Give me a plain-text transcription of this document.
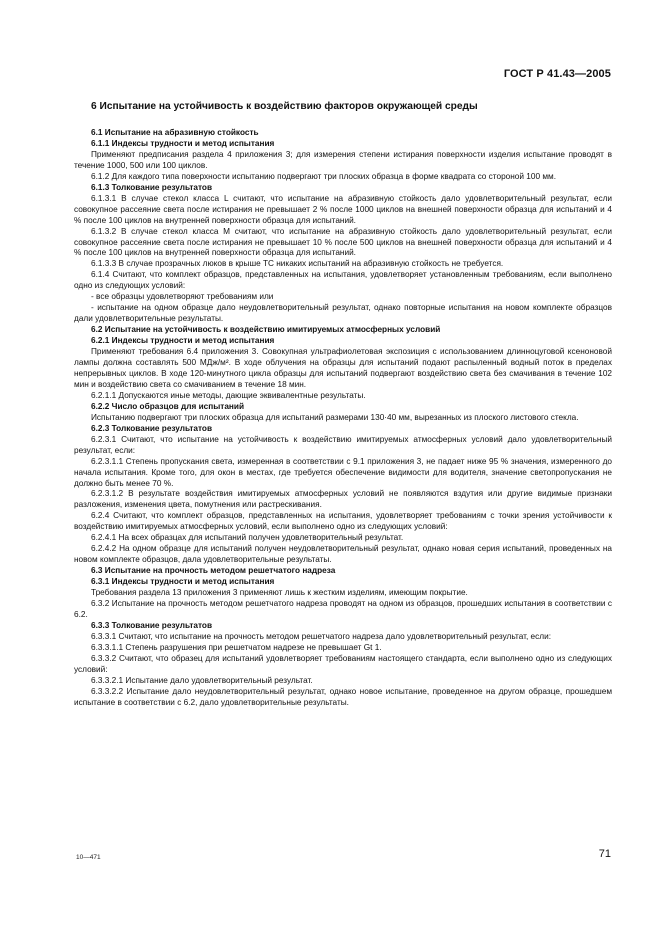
ГОСТ Р 41.43—2005
6 Испытание на устойчивость к воздействию факторов окружающей среды

6.1 Испытание на абразивную стойкость

6.1.1 Индексы трудности и метод испытания

Применяют предписания раздела 4 приложения 3; для измерения степени истирания поверхности изделия испытание проводят в течение 1000, 500 или 100 циклов.

6.1.2 Для каждого типа поверхности испытанию подвергают три плоских образца в форме квадрата со стороной 100 мм.

6.1.3 Толкование результатов

6.1.3.1 В случае стекол класса L считают, что испытание на абразивную стойкость дало удовлетворительный результат, если совокупное рассеяние света после истирания не превышает 2 % после 1000 циклов на внешней поверхности образца для испытаний и 4 % после 100 циклов на внутренней поверхности образца для испытаний.

6.1.3.2 В случае стекол класса M считают, что испытание на абразивную стойкость дало удовлетворительный результат, если совокупное рассеяние света после истирания не превышает 10 % после 500 циклов на внешней поверхности образца для испытаний и 4 % после 100 циклов на внутренней поверхности образца для испытаний.

6.1.3.3 В случае прозрачных люков в крыше ТС никаких испытаний на абразивную стойкость не требуется.

6.1.4 Считают, что комплект образцов, представленных на испытания, удовлетворяет установленным требованиям, если выполнено одно из следующих условий:

- все образцы удовлетворяют требованиям или

- испытание на одном образце дало неудовлетворительный результат, однако повторные испытания на новом комплекте образцов дали удовлетворительные результаты.

6.2 Испытание на устойчивость к воздействию имитируемых атмосферных условий

6.2.1 Индексы трудности и метод испытания

Применяют требования 6.4 приложения 3. Совокупная ультрафиолетовая экспозиция с использованием длинноцуговой ксеноновой лампы должна составлять 500 МДж/м². В ходе облучения на образцы для испытаний подают распыленный водный поток в пределах непрерывных циклов. В ходе 120-минутного цикла образцы для испытаний подвергают воздействию света без смачивания в течение 102 мин и воздействию света со смачиванием в течение 18 мин.

6.2.1.1 Допускаются иные методы, дающие эквивалентные результаты.

6.2.2 Число образцов для испытаний

Испытанию подвергают три плоских образца для испытаний размерами 130·40 мм, вырезанных из плоского листового стекла.

6.2.3 Толкование результатов

6.2.3.1 Считают, что испытание на устойчивость к воздействию имитируемых атмосферных условий дало удовлетворительный результат, если:

6.2.3.1.1 Степень пропускания света, измеренная в соответствии с 9.1 приложения 3, не падает ниже 95 % значения, измеренного до начала испытания. Кроме того, для окон в местах, где требуется обеспечение видимости для водителя, значение светопропускания не должно быть менее 70 %.

6.2.3.1.2 В результате воздействия имитируемых атмосферных условий не появляются вздутия или другие видимые признаки разложения, изменения цвета, помутнения или растрескивания.

6.2.4 Считают, что комплект образцов, представленных на испытания, удовлетворяет требованиям с точки зрения устойчивости к воздействию имитируемых атмосферных условий, если выполнено одно из следующих условий:

6.2.4.1 На всех образцах для испытаний получен удовлетворительный результат.

6.2.4.2 На одном образце для испытаний получен неудовлетворительный результат, однако новая серия испытаний, проведенных на новом комплекте образцов, дала удовлетворительные результаты.

6.3 Испытание на прочность методом решетчатого надреза

6.3.1 Индексы трудности и метод испытания

Требования раздела 13 приложения 3 применяют лишь к жестким изделиям, имеющим покрытие.

6.3.2 Испытание на прочность методом решетчатого надреза проводят на одном из образцов, прошедших испытания в соответствии с 6.2.

6.3.3 Толкование результатов

6.3.3.1 Считают, что испытание на прочность методом решетчатого надреза дало удовлетворительный результат, если:

6.3.3.1.1 Степень разрушения при решетчатом надрезе не превышает Gt 1.

6.3.3.2 Считают, что образец для испытаний удовлетворяет требованиям настоящего стандарта, если выполнено одно из следующих условий:

6.3.3.2.1 Испытание дало удовлетворительный результат.

6.3.3.2.2 Испытание дало неудовлетворительный результат, однако новое испытание, проведенное на другом образце, прошедшем испытание в соответствии с 6.2, дало удовлетворительные результаты.

10—471	71
